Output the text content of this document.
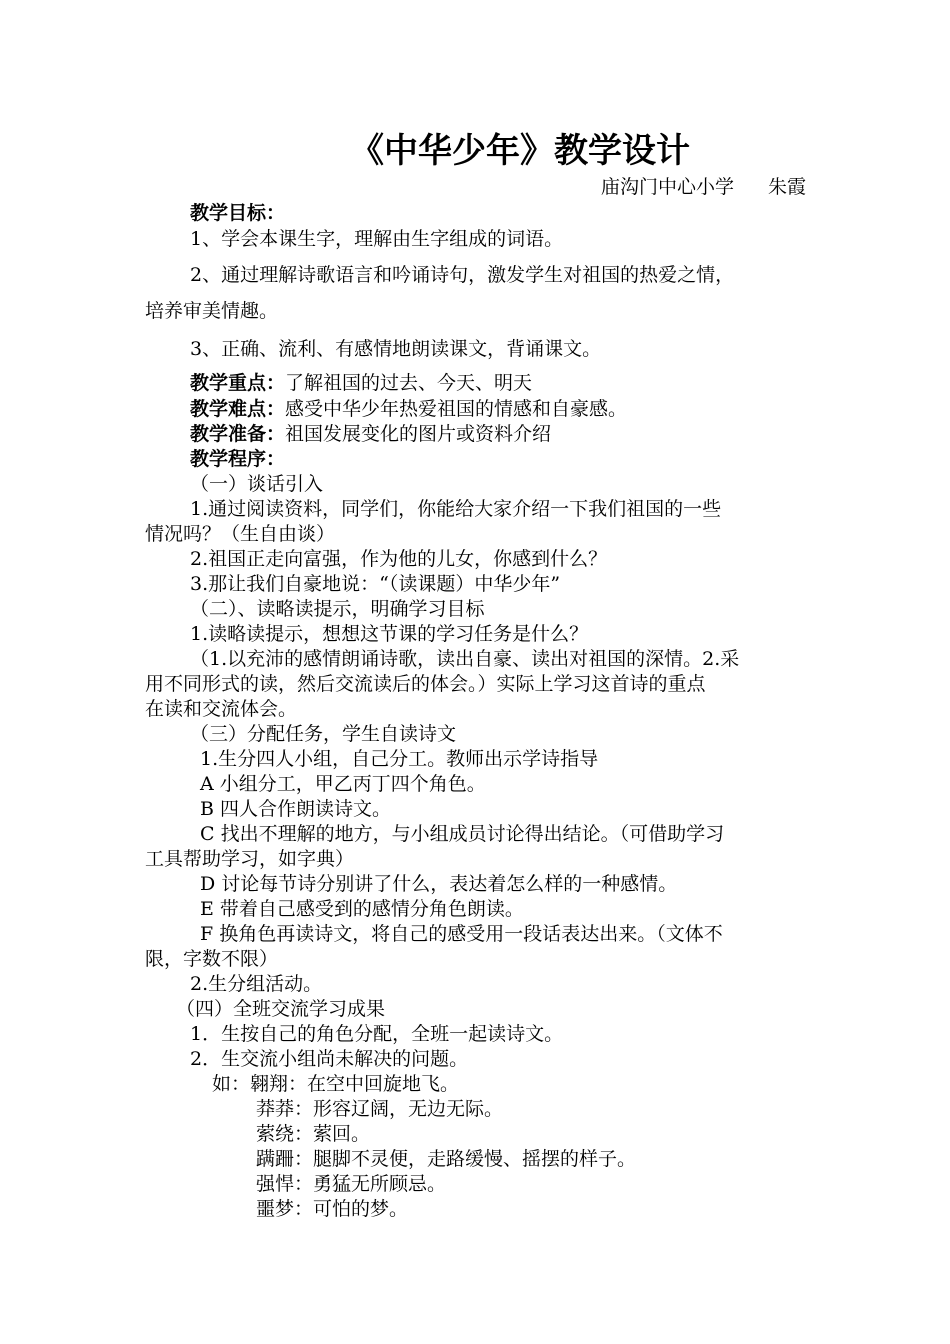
《中华少年》教学设计
庙沟门中心小学 朱霞
教学目标：
1、学会本课生字，理解由生字组成的词语。
2、通过理解诗歌语言和吟诵诗句，激发学生对祖国的热爱之情，
培养审美情趣。
3、正确、流利、有感情地朗读课文，背诵课文。
教学重点：了解祖国的过去、今天、明天
教学难点：感受中华少年热爱祖国的情感和自豪感。
教学准备：祖国发展变化的图片或资料介绍
教学程序：
（一）谈话引入
1.通过阅读资料，同学们，你能给大家介绍一下我们祖国的一些
情况吗？（生自由谈）
2.祖国正走向富强，作为他的儿女，你感到什么？
3.那让我们自豪地说：“（读课题）中华少年”
（二）、读略读提示，明确学习目标
1.读略读提示，想想这节课的学习任务是什么？
（1.以充沛的感情朗诵诗歌，读出自豪、读出对祖国的深情。2.采
用不同形式的读，然后交流读后的体会。）实际上学习这首诗的重点
在读和交流体会。
（三）分配任务，学生自读诗文
1.生分四人小组，自己分工。教师出示学诗指导
A 小组分工，甲乙丙丁四个角色。
B 四人合作朗读诗文。
C 找出不理解的地方，与小组成员讨论得出结论。（可借助学习
工具帮助学习，如字典）
D 讨论每节诗分别讲了什么，表达着怎么样的一种感情。
E 带着自己感受到的感情分角色朗读。
F 换角色再读诗文，将自己的感受用一段话表达出来。（文体不
限，字数不限）
2.生分组活动。
（四）全班交流学习成果
1．生按自己的角色分配，全班一起读诗文。
2．生交流小组尚未解决的问题。
如：翱翔：在空中回旋地飞。
莽莽：形容辽阔，无边无际。
萦绕：萦回。
蹒跚：腿脚不灵便，走路缓慢、摇摆的样子。
强悍：勇猛无所顾忌。
噩梦：可怕的梦。
